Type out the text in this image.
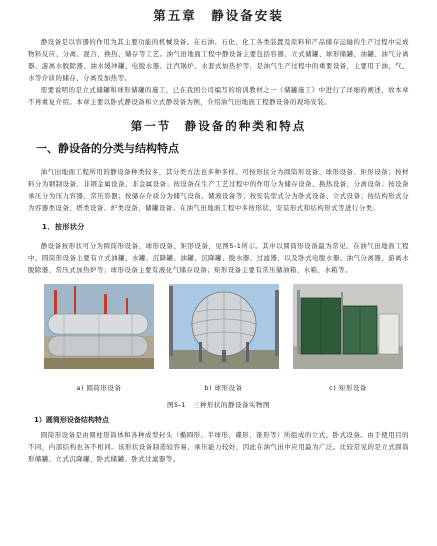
第五章　静设备安装

静设备是以容器的作用为其主要功能的机械设备。在石油、石化、化工各类装置及原料和产品储存运输的生产过程中完成物料反应、分离、混合、换热、储存等工艺。油气田地面工程中静设备主要包括容器、立式储罐、球形储罐、油罐、油气分离器、游离水脱除器、油水缓冲罐、电脱水器、注汽锅炉、水套式加热炉等，是油气生产过程中的重要设备，主要用于油、气、水等介质的储存、分离及加热等。

需要说明的是立式储罐和球形储罐的施工，已在我国公司编写的培训教材之一《储罐施工》中进行了详细的阐述，故本章不再重复介绍。本章主要以卧式静设备和立式静设备为例，介绍油气田地面工程静设备的现场安装。

第一节　静设备的种类和特点
一、静设备的分类与结构特点

油气田地面工程所用的静设备种类较多，其分类方法也多种多样。可按形状分为圆筒形设备、球形设备、矩形设备；按材料分为钢制设备、非钢金属设备、非金属设备；按设备在生产工艺过程中的作用分为储存设备、换热设备、分离设备；按设备承压分为压力容器、常压容器；按储存介质分为储气设备、储液设备等；按安装型式分为卧式设备、立式设备；按结构形式分为容器类设备、塔类设备、炉类设备、储罐设备。在油气田地面工程中多按形状、安装形式和结构形式等进行分类。

1．按形状分

静设备按形状可分为圆筒形设备、球形设备、矩形设备，见图5-1所示。其中以圆筒形设备最为常见。在油气田地面工程中，圆筒形设备主要有立式油罐、水罐、沉降罐、油罐、沉降罐、脱水器、过滤器，以及卧式电脱水器、油气分离器、游离水脱除器、常压式加热炉等；球形设备主要有液化气储存设备；矩形设备主要有常压储油箱、水箱、水箱等。

a) 圆筒形设备	b) 球形设备	c) 矩形设备
图5-1　三种形状的静设备实物图
1）圆筒形设备结构特点

圆筒形设备是由圆柱形筒体和各种成型封头（椭圆形、半球形、碟形、锥形等）所组成的立式、卧式设备。由于使用目的不同，内部结构也各不相同。该形状设备制造较容易，承压能力较好，因此在油气田中应用最为广泛。比较常见的是立式圆筒形储罐、立式沉降罐、卧式储罐、卧式过滤器等。
